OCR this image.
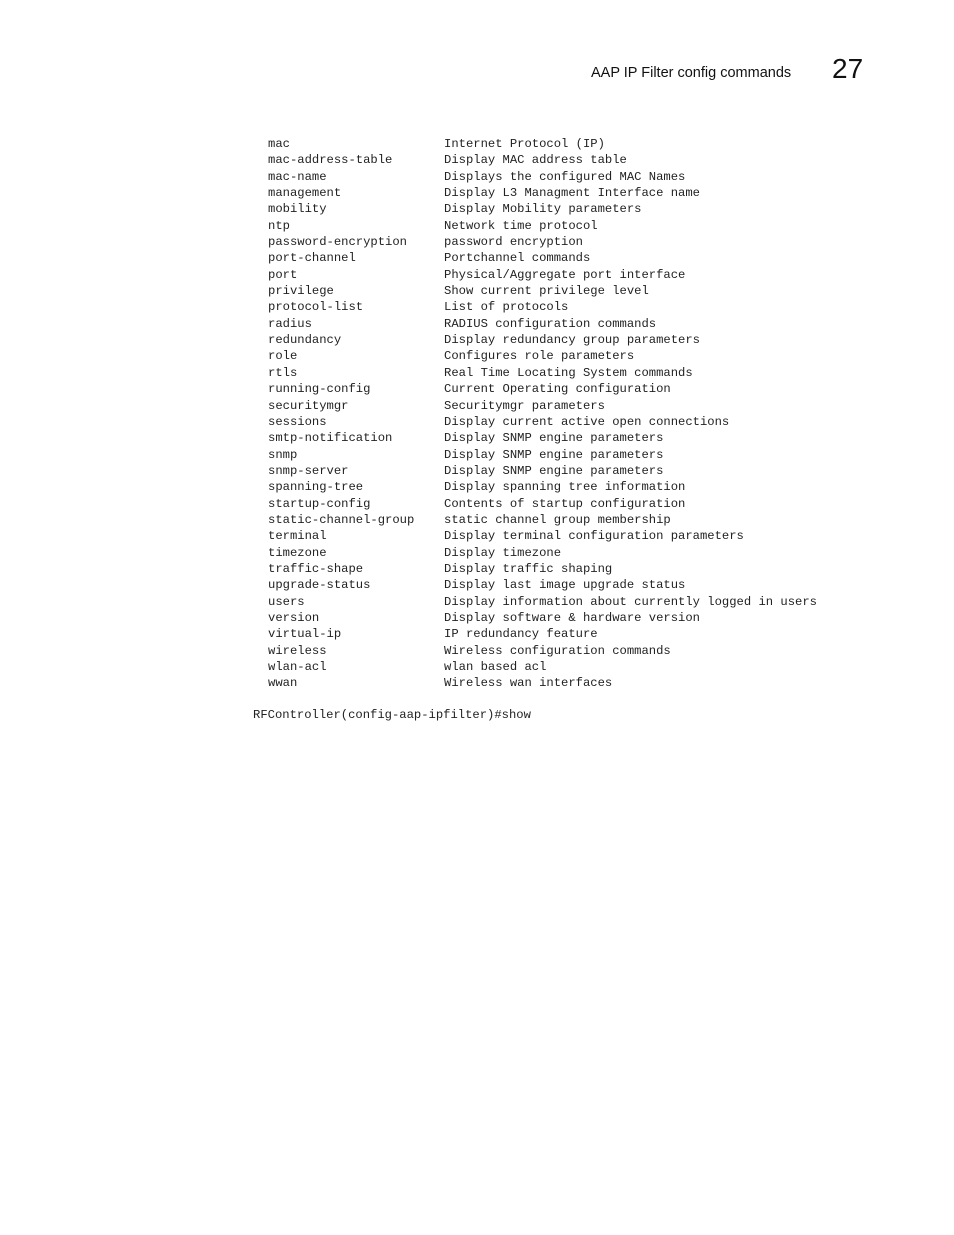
AAP IP Filter config commands 27
mac	Internet Protocol (IP)
mac-address-table	Display MAC address table
mac-name	Displays the configured MAC Names
management	Display L3 Managment Interface name
mobility	Display Mobility parameters
ntp	Network time protocol
password-encryption	password encryption
port-channel	Portchannel commands
port	Physical/Aggregate port interface
privilege	Show current privilege level
protocol-list	List of protocols
radius	RADIUS configuration commands
redundancy	Display redundancy group parameters
role	Configures role parameters
rtls	Real Time Locating System commands
running-config	Current Operating configuration
securitymgr	Securitymgr parameters
sessions	Display current active open connections
smtp-notification	Display SNMP engine parameters
snmp	Display SNMP engine parameters
snmp-server	Display SNMP engine parameters
spanning-tree	Display spanning tree information
startup-config	Contents of startup configuration
static-channel-group static channel group membership
terminal	Display terminal configuration parameters
timezone	Display timezone
traffic-shape	Display traffic shaping
upgrade-status	Display last image upgrade status
users	Display information about currently logged in users
version	Display software & hardware version
virtual-ip	IP redundancy feature
wireless	Wireless configuration commands
wlan-acl	wlan based acl
wwan	Wireless wan interfaces
RFController(config-aap-ipfilter)#show
